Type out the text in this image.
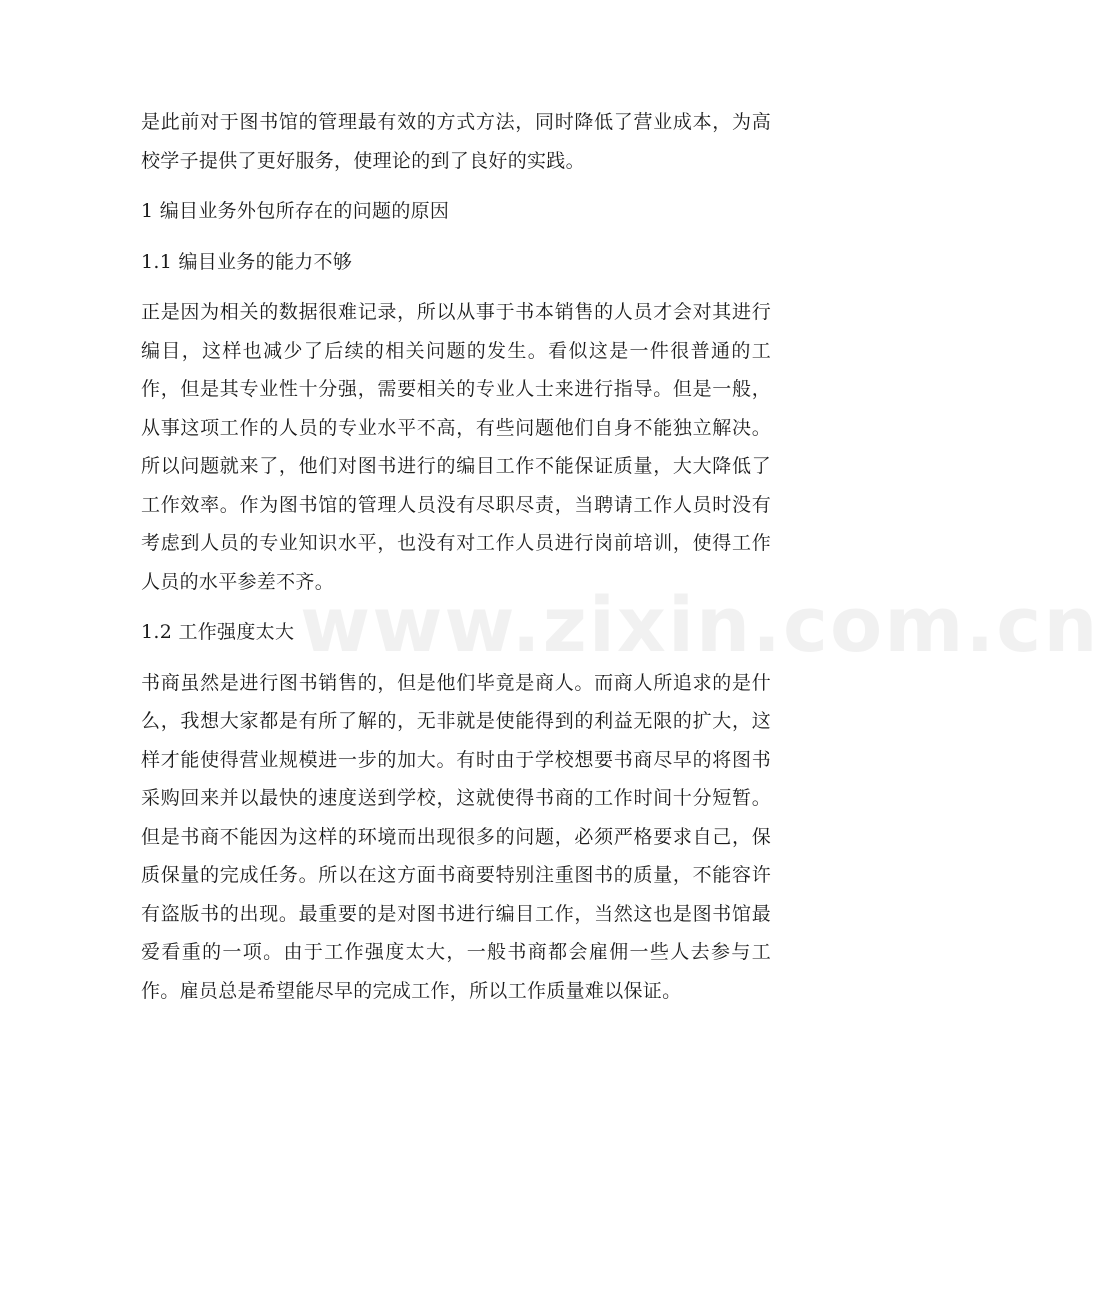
www.zixin.com.cn

是此前对于图书馆的管理最有效的方式方法，同时降低了营业成本，为高校学子提供了更好服务，使理论的到了良好的实践。

1 编目业务外包所存在的问题的原因

1.1 编目业务的能力不够

正是因为相关的数据很难记录，所以从事于书本销售的人员才会对其进行编目，这样也减少了后续的相关问题的发生。看似这是一件很普通的工作，但是其专业性十分强，需要相关的专业人士来进行指导。但是一般，从事这项工作的人员的专业水平不高，有些问题他们自身不能独立解决。所以问题就来了，他们对图书进行的编目工作不能保证质量，大大降低了工作效率。作为图书馆的管理人员没有尽职尽责，当聘请工作人员时没有考虑到人员的专业知识水平，也没有对工作人员进行岗前培训，使得工作人员的水平参差不齐。

1.2 工作强度太大

书商虽然是进行图书销售的，但是他们毕竟是商人。而商人所追求的是什么，我想大家都是有所了解的，无非就是使能得到的利益无限的扩大，这样才能使得营业规模进一步的加大。有时由于学校想要书商尽早的将图书采购回来并以最快的速度送到学校，这就使得书商的工作时间十分短暂。但是书商不能因为这样的环境而出现很多的问题，必须严格要求自己，保质保量的完成任务。所以在这方面书商要特别注重图书的质量，不能容许有盗版书的出现。最重要的是对图书进行编目工作，当然这也是图书馆最爱看重的一项。由于工作强度太大，一般书商都会雇佣一些人去参与工作。雇员总是希望能尽早的完成工作，所以工作质量难以保证。
